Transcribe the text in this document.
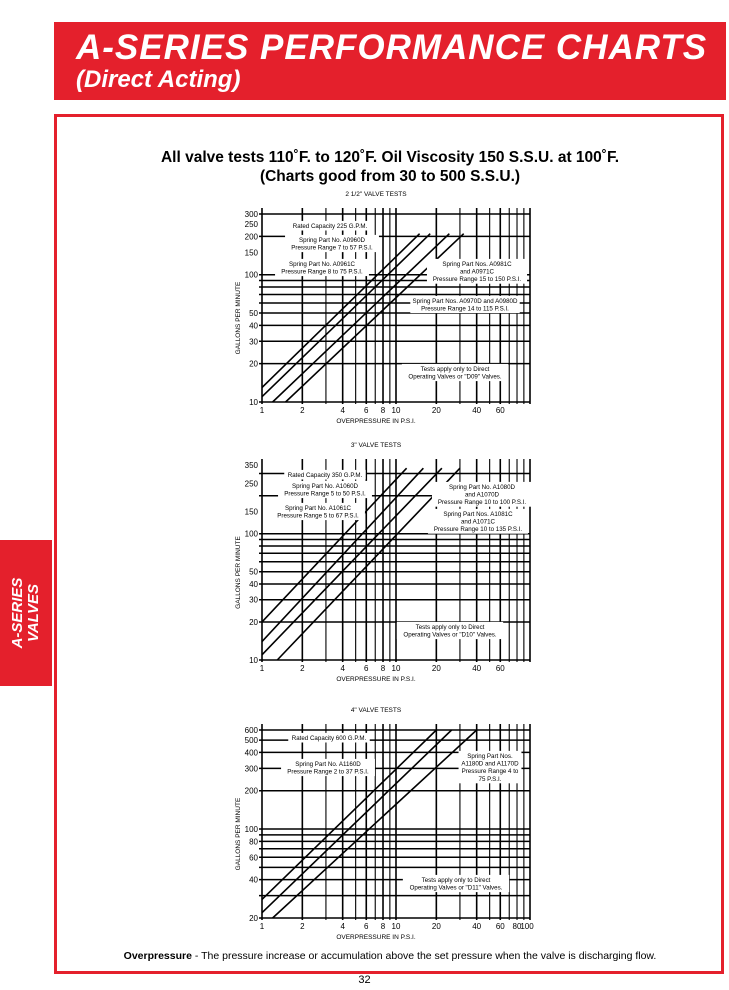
A-SERIES PERFORMANCE CHARTS
(Direct Acting)
A-SERIES
VALVES
All valve tests 110˚F. to 120˚F. Oil Viscosity 150 S.S.U. at 100˚F.
(Charts good from 30 to 500 S.S.U.)
2 1/2" VALVE TESTS
10
20
30
40
50
100
150
200
250
300
1	2	4 6 8 10	20	40 60
OVERPRESSURE IN P.S.I.
GALLONS PER MINUTE
Rated Capacity 225 G.P.M.
Spring Part No. A0960D Pressure Range 7 to 57 P.S.I.
Spring Part No. A0961C Pressure Range 8 to 75 P.S.I.
Spring Part Nos. A0981C and A0971C Pressure Range 15 to 150 P.S.I.
Spring Part Nos. A0970D and A0980D Pressure Range 14 to 115 P.S.I.
Tests apply only to Direct Operating Valves or "D09" Valves.
3" VALVE TESTS
10
20
30
40
50
100
150
250
350
1	2	4 6 8 10	20	40 60
OVERPRESSURE IN P.S.I.
GALLONS PER MINUTE
Rated Capacity 350 G.P.M.
Spring Part No. A1060D Pressure Range 5 to 50 P.S.I.
Spring Part No. A1061C Pressure Range 5 to 67 P.S.I.
Spring Part No. A1080D and A1070D Pressure Range 10 to 100 P.S.I.
Spring Part Nos. A1081C and A1071C Pressure Range 10 to 135 P.S.I.
Tests apply only to Direct Operating Valves or "D10" Valves.
4" VALVE TESTS
20
40
60
80
100
200
300
400
500
600
1	2	4 6 8 10	20	40 60 80
100
OVERPRESSURE IN P.S.I.
GALLONS PER MINUTE
Rated Capacity 600 G.P.M.
Spring Part No. A1160D Pressure Range 2 to 37 P.S.I.
Spring Part Nos. A1180D and A1170D Pressure Range 4 to 75 P.S.I.
Tests apply only to Direct Operating Valves or "D11" Valves.
Overpressure - The pressure increase or accumulation above the set pressure when the valve is discharging flow.
32
